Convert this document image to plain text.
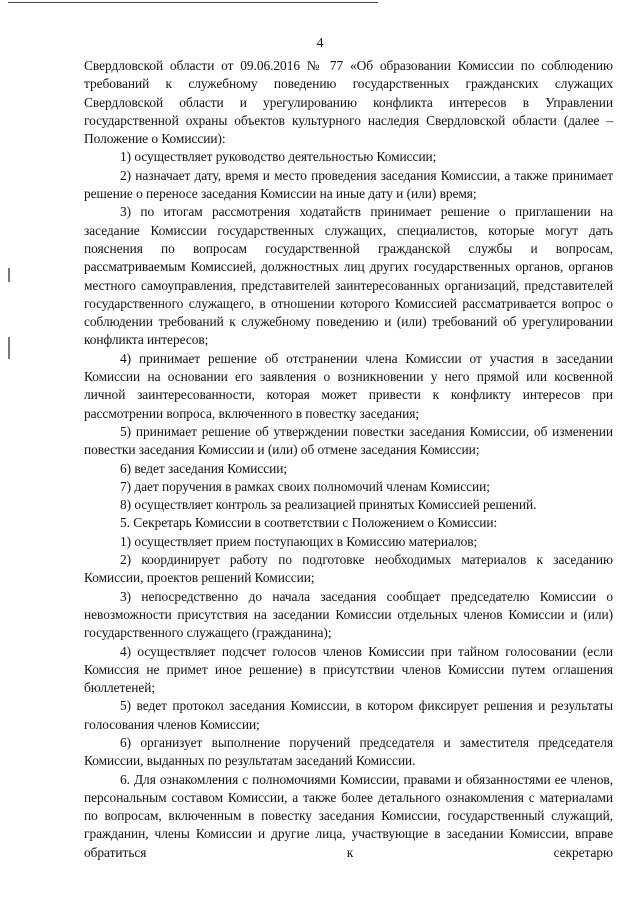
4

Свердловской области от 09.06.2016 № 77 «Об образовании Комиссии по соблюдению требований к служебному поведению государственных гражданских служащих Свердловской области и урегулированию конфликта интересов в Управлении государственной охраны объектов культурного наследия Свердловской области (далее – Положение о Комиссии):

1) осуществляет руководство деятельностью Комиссии;

2) назначает дату, время и место проведения заседания Комиссии, а также принимает решение о переносе заседания Комиссии на иные дату и (или) время;

3) по итогам рассмотрения ходатайств принимает решение о приглашении на заседание Комиссии государственных служащих, специалистов, которые могут дать пояснения по вопросам государственной гражданской службы и вопросам, рассматриваемым Комиссией, должностных лиц других государственных органов, органов местного самоуправления, представителей заинтересованных организаций, представителей государственного служащего, в отношении которого Комиссией рассматривается вопрос о соблюдении требований к служебному поведению и (или) требований об урегулировании конфликта интересов;

4) принимает решение об отстранении члена Комиссии от участия в заседании Комиссии на основании его заявления о возникновении у него прямой или косвенной личной заинтересованности, которая может привести к конфликту интересов при рассмотрении вопроса, включенного в повестку заседания;

5) принимает решение об утверждении повестки заседания Комиссии, об изменении повестки заседания Комиссии и (или) об отмене заседания Комиссии;

6) ведет заседания Комиссии;

7) дает поручения в рамках своих полномочий членам Комиссии;

8) осуществляет контроль за реализацией принятых Комиссией решений.

5. Секретарь Комиссии в соответствии с Положением о Комиссии:

1) осуществляет прием поступающих в Комиссию материалов;

2) координирует работу по подготовке необходимых материалов к заседанию Комиссии, проектов решений Комиссии;

3) непосредственно до начала заседания сообщает председателю Комиссии о невозможности присутствия на заседании Комиссии отдельных членов Комиссии и (или) государственного служащего (гражданина);

4) осуществляет подсчет голосов членов Комиссии при тайном голосовании (если Комиссия не примет иное решение) в присутствии членов Комиссии путем оглашения бюллетеней;

5) ведет протокол заседания Комиссии, в котором фиксирует решения и результаты голосования членов Комиссии;

6) организует выполнение поручений председателя и заместителя председателя Комиссии, выданных по результатам заседаний Комиссии.

6. Для ознакомления с полномочиями Комиссии, правами и обязанностями ее членов, персональным составом Комиссии, а также более детального ознакомления с материалами по вопросам, включенным в повестку заседания Комиссии, государственный служащий, гражданин, члены Комиссии и другие лица, участвующие в заседании Комиссии, вправе обратиться к секретарю
